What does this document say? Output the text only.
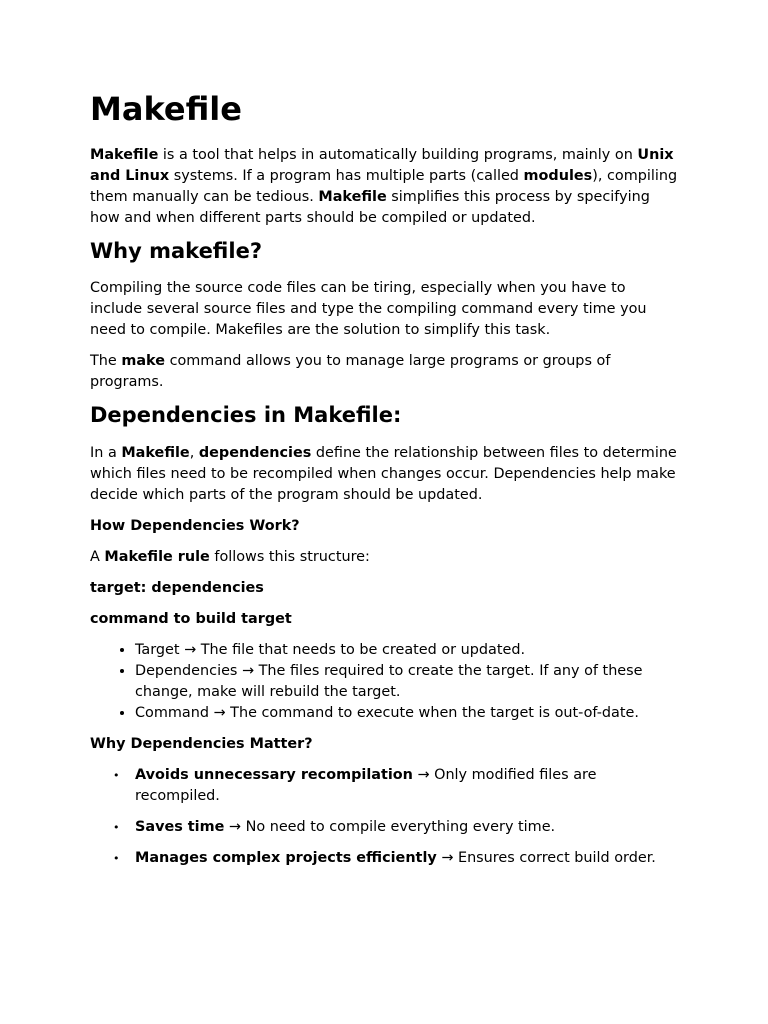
Makefile

Makefile is a tool that helps in automatically building programs, mainly on Unix and Linux systems. If a program has multiple parts (called modules), compiling them manually can be tedious. Makefile simplifies this process by specifying how and when different parts should be compiled or updated.

Why makefile?

Compiling the source code files can be tiring, especially when you have to include several source files and type the compiling command every time you need to compile. Makefiles are the solution to simplify this task.

The make command allows you to manage large programs or groups of programs.

Dependencies in Makefile:

In a Makefile, dependencies define the relationship between files to determine which files need to be recompiled when changes occur. Dependencies help make decide which parts of the program should be updated.

How Dependencies Work?

A Makefile rule follows this structure:

target: dependencies

command to build target

• Target → The file that needs to be created or updated.
• Dependencies → The files required to create the target. If any of these change, make will rebuild the target.
• Command → The command to execute when the target is out-of-date.

Why Dependencies Matter?

• Avoids unnecessary recompilation → Only modified files are recompiled.
• Saves time → No need to compile everything every time.
• Manages complex projects efficiently → Ensures correct build order.
